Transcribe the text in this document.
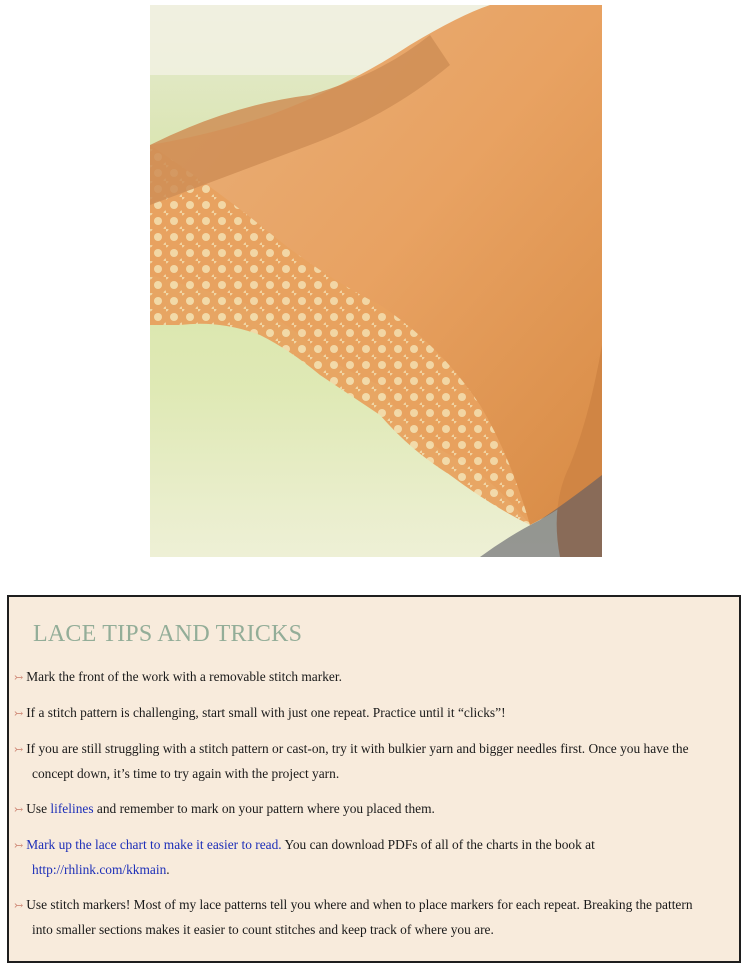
LACE TIPS AND TRICKS
↣ Mark the front of the work with a removable stitch marker.
↣ If a stitch pattern is challenging, start small with just one repeat. Practice until it “clicks”!
↣ If you are still struggling with a stitch pattern or cast-on, try it with bulkier yarn and bigger needles first. Once you have the
concept down, it’s time to try again with the project yarn.
↣ Use lifelines and remember to mark on your pattern where you placed them.
↣ Mark up the lace chart to make it easier to read. You can download PDFs of all of the charts in the book at
http://rhlink.com/kkmain.
↣ Use stitch markers! Most of my lace patterns tell you where and when to place markers for each repeat. Breaking the pattern
into smaller sections makes it easier to count stitches and keep track of where you are.
